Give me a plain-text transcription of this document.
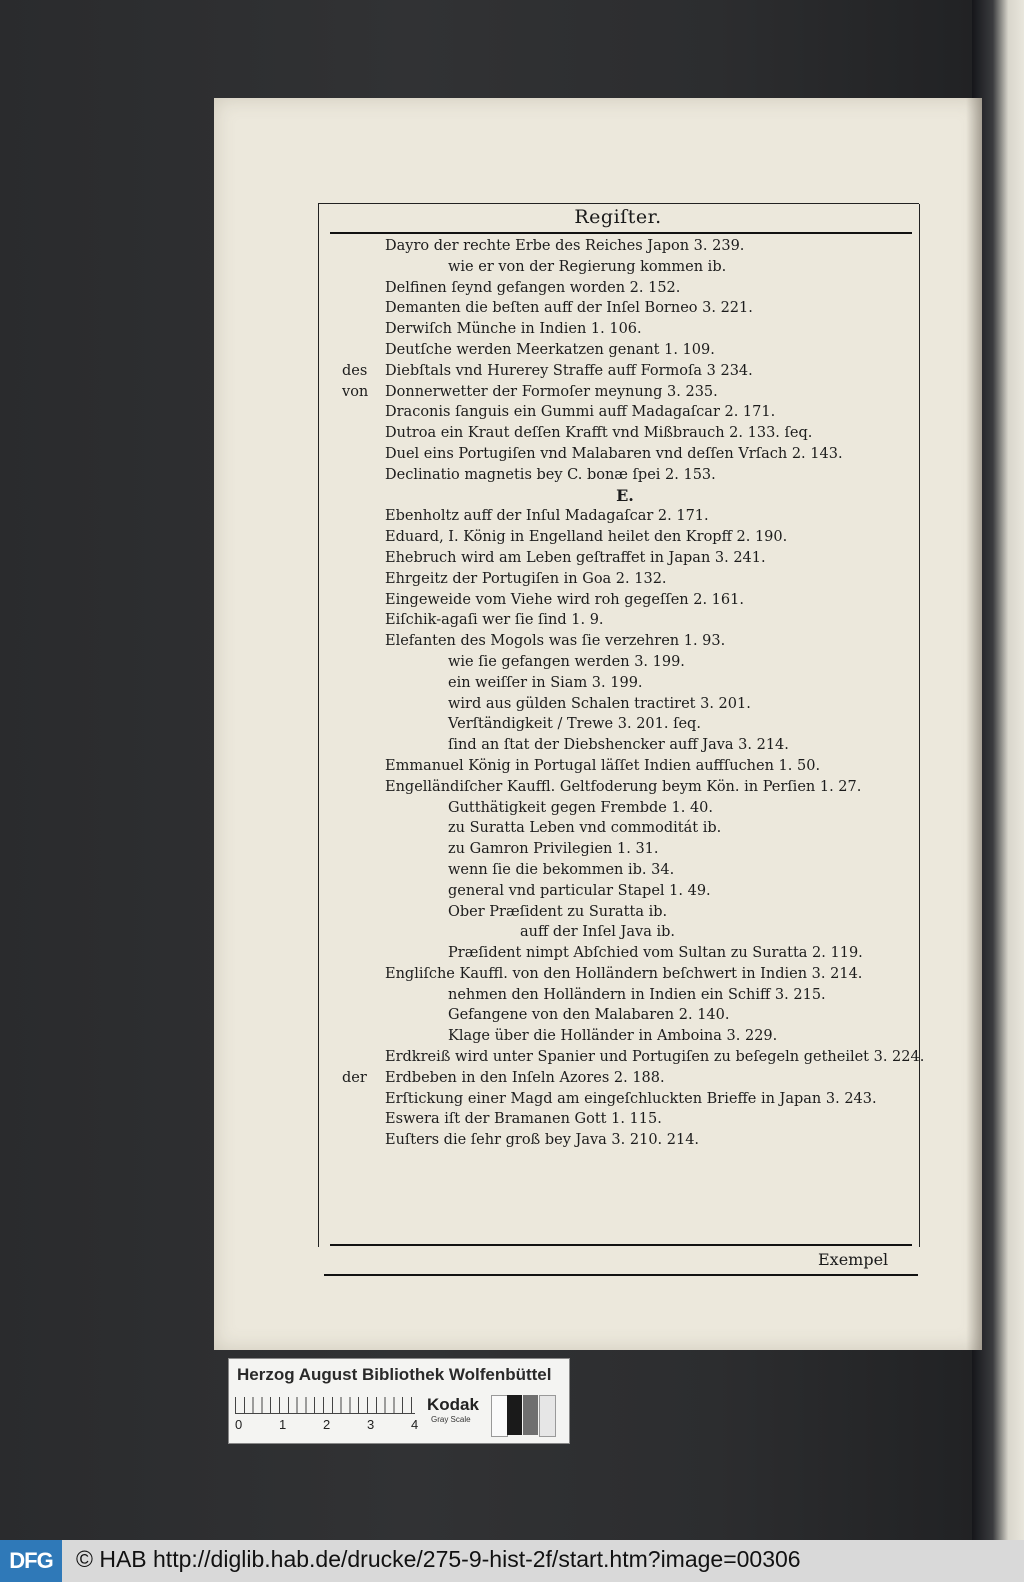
Regiſter.
Dayro der rechte Erbe des Reiches Japon 3. 239.
wie er von der Regierung kommen ib.
Delfinen ſeynd gefangen worden 2. 152.
Demanten die beſten auff der Inſel Borneo 3. 221.
Derwiſch Münche in Indien 1. 106.
Deutſche werden Meerkatzen genant 1. 109.
des	Diebſtals vnd Hurerey Straffe auff Formoſa 3 234.
von	Donnerwetter der Formoſer meynung 3. 235.
Draconis ſanguis ein Gummi auff Madagaſcar 2. 171.
Dutroa ein Kraut deſſen Krafft vnd Mißbrauch 2. 133. ſeq.
Duel eins Portugiſen vnd Malabaren vnd deſſen Vrſach 2. 143.
Declinatio magnetis bey C. bonæ ſpei 2. 153.
E.
Ebenholtz auff der Inſul Madagaſcar 2. 171.
Eduard, I. König in Engelland heilet den Kropff 2. 190.
Ehebruch wird am Leben geſtraffet in Japan 3. 241.
Ehrgeitz der Portugiſen in Goa 2. 132.
Eingeweide vom Viehe wird roh gegeſſen 2. 161.
Eiſchik-agaſi wer ſie ſind 1. 9.
Elefanten des Mogols was ſie verzehren 1. 93.
wie ſie gefangen werden 3. 199.
ein weiſſer in Siam 3. 199.
wird aus gülden Schalen tractiret 3. 201.
Verſtändigkeit / Trewe 3. 201. ſeq.
ſind an ſtat der Diebshencker auff Java 3. 214.
Emmanuel König in Portugal läſſet Indien auffſuchen 1. 50.
Engelländiſcher Kauffl. Geltfoderung beym Kön. in Perſien 1. 27.
Gutthätigkeit gegen Frembde 1. 40.
zu Suratta Leben vnd commoditát ib.
zu Gamron Privilegien 1. 31.
wenn ſie die bekommen ib. 34.
general vnd particular Stapel 1. 49.
Ober Præſident zu Suratta ib.
auff der Inſel Java ib.
Præſident nimpt Abſchied vom Sultan zu Suratta 2. 119.
Engliſche Kauffl. von den Holländern beſchwert in Indien 3. 214.
nehmen den Holländern in Indien ein Schiff 3. 215.
Gefangene von den Malabaren 2. 140.
Klage über die Holländer in Amboina 3. 229.
Erdkreiß wird unter Spanier und Portugiſen zu beſegeln getheilet 3. 224.
der	Erdbeben in den Inſeln Azores 2. 188.
Erſtickung einer Magd am eingeſchluckten Brieffe in Japan 3. 243.
Eswera iſt der Bramanen Gott 1. 115.
Euſters die ſehr groß bey Java 3. 210. 214.
Exempel
Herzog August Bibliothek Wolfenbüttel
0	1	2	3	4
Kodak
Gray Scale
DFG	© HAB http://diglib.hab.de/drucke/275-9-hist-2f/start.htm?image=00306
